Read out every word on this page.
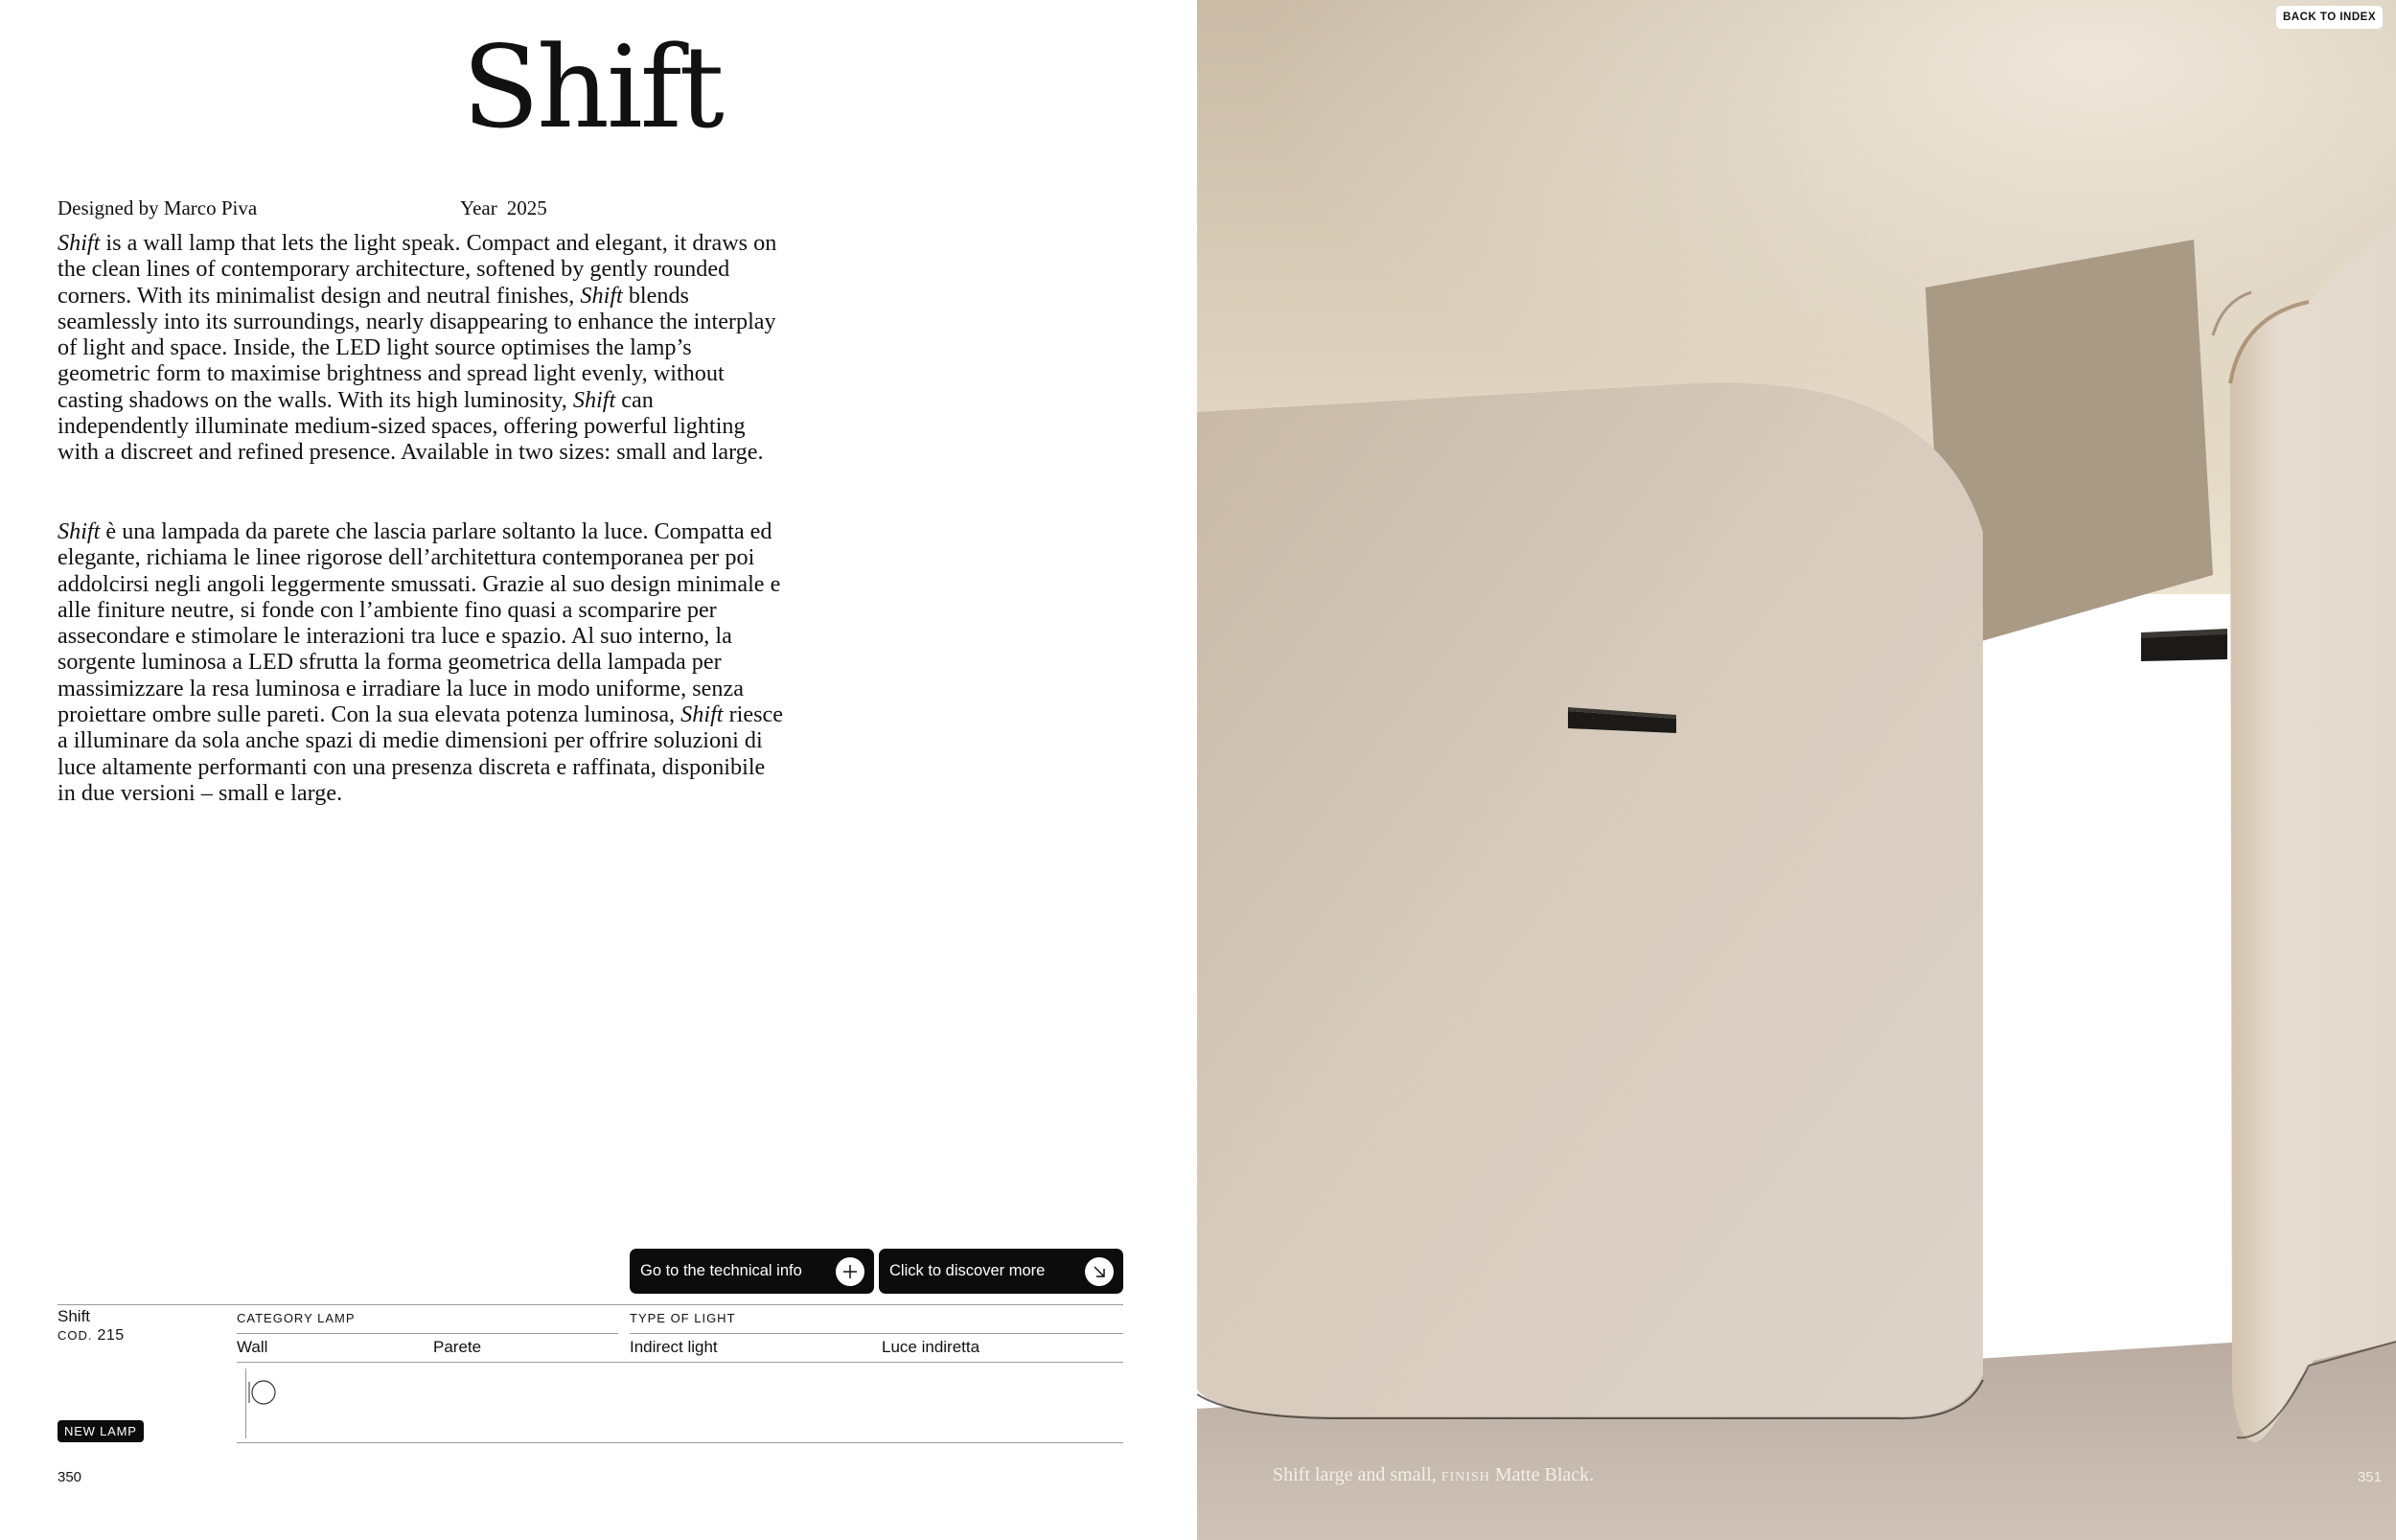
Shift
Designed by Marco Piva	Year 2025

Shift is a wall lamp that lets the light speak. Compact and elegant, it draws on the clean lines of contemporary architecture, softened by gently rounded corners. With its minimalist design and neutral finishes, Shift blends seamlessly into its surroundings, nearly disappearing to enhance the interplay of light and space. Inside, the LED light source optimises the lamp’s geometric form to maximise brightness and spread light evenly, without casting shadows on the walls. With its high luminosity, Shift can independently illuminate medium-sized spaces, offering powerful lighting with a discreet and refined presence. Available in two sizes: small and large.

Shift è una lampada da parete che lascia parlare soltanto la luce. Compatta ed elegante, richiama le linee rigorose dell’architettura contemporanea per poi addolcirsi negli angoli leggermente smussati. Grazie al suo design minimale e alle finiture neutre, si fonde con l’ambiente fino quasi a scomparire per assecondare e stimolare le interazioni tra luce e spazio. Al suo interno, la sorgente luminosa a LED sfrutta la forma geometrica della lampada per massimizzare la resa luminosa e irradiare la luce in modo uniforme, senza proiettare ombre sulle pareti. Con la sua elevata potenza luminosa, Shift riesce a illuminare da sola anche spazi di medie dimensioni per offrire soluzioni di luce altamente performanti con una presenza discreta e raffinata, disponibile in due versioni – small e large.

Go to the technical info	Click to discover more
Shift
COD. 215
CATEGORY LAMP	TYPE OF LIGHT
Wall	Parete	Indirect light	Luce indiretta
NEW LAMP
350
BACK TO INDEX
Shift large and small, FINISH Matte Black.	351
